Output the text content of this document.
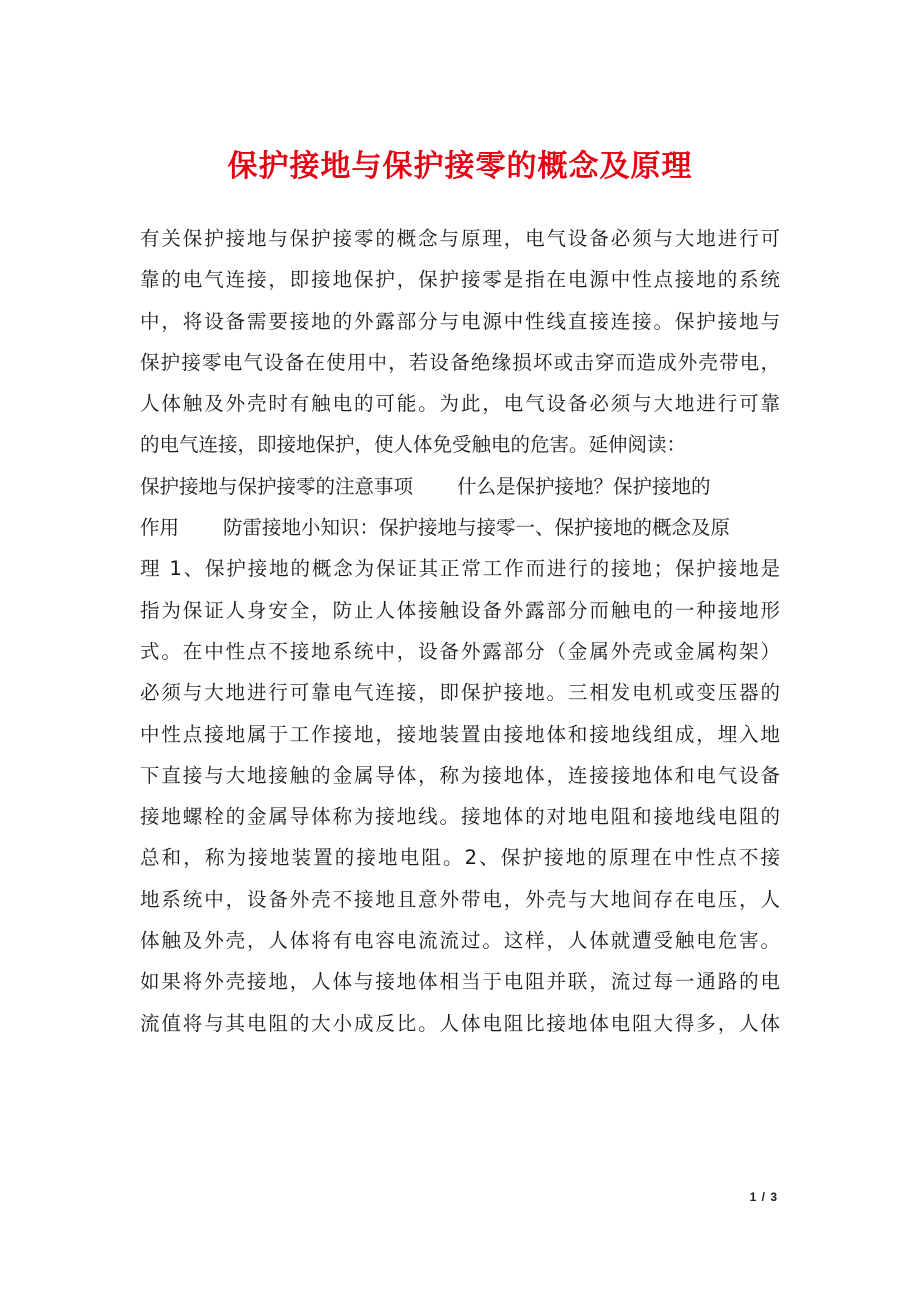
保护接地与保护接零的概念及原理
有关保护接地与保护接零的概念与原理，电气设备必须与大地进行可
靠的电气连接，即接地保护，保护接零是指在电源中性点接地的系统
中，将设备需要接地的外露部分与电源中性线直接连接。保护接地与
保护接零电气设备在使用中，若设备绝缘损坏或击穿而造成外壳带电，
人体触及外壳时有触电的可能。为此，电气设备必须与大地进行可靠
的电气连接，即接地保护，使人体免受触电的危害。延伸阅读：
保护接地与保护接零的注意事项 什么是保护接地？保护接地的
作用 防雷接地小知识：保护接地与接零一、保护接地的概念及原
理 1、保护接地的概念为保证其正常工作而进行的接地；保护接地是
指为保证人身安全，防止人体接触设备外露部分而触电的一种接地形
式。在中性点不接地系统中，设备外露部分（金属外壳或金属构架）
必须与大地进行可靠电气连接，即保护接地。三相发电机或变压器的
中性点接地属于工作接地，接地装置由接地体和接地线组成，埋入地
下直接与大地接触的金属导体，称为接地体，连接接地体和电气设备
接地螺栓的金属导体称为接地线。接地体的对地电阻和接地线电阻的
总和，称为接地装置的接地电阻。2、保护接地的原理在中性点不接
地系统中，设备外壳不接地且意外带电，外壳与大地间存在电压，人
体触及外壳，人体将有电容电流流过。这样，人体就遭受触电危害。
如果将外壳接地，人体与接地体相当于电阻并联，流过每一通路的电
流值将与其电阻的大小成反比。人体电阻比接地体电阻大得多，人体
1 / 3
